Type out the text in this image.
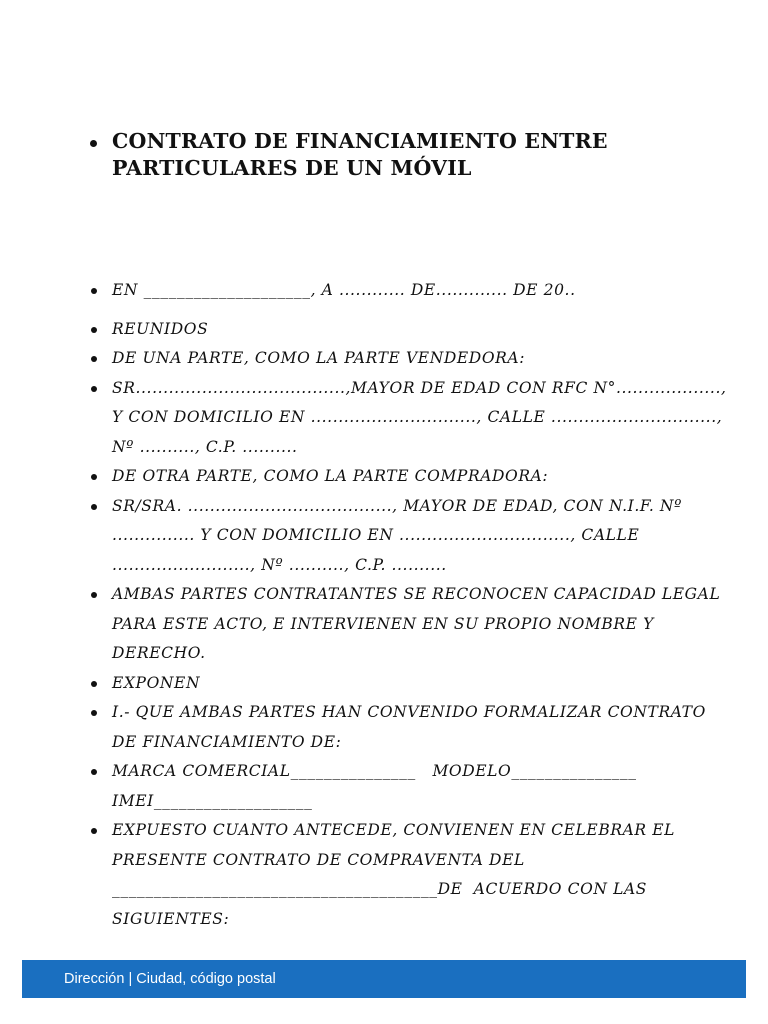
CONTRATO DE FINANCIAMIENTO ENTRE PARTICULARES DE UN MÓVIL
EN ____________________, A ............ DE............. DE 20..
REUNIDOS
DE UNA PARTE, COMO LA PARTE VENDEDORA:
SR......................................,MAYOR DE EDAD CON RFC N°..................., Y CON DOMICILIO EN .............................., CALLE .............................., Nº .........., C.P. ..........
DE OTRA PARTE, COMO LA PARTE COMPRADORA:
SR/SRA. ....................................., MAYOR DE EDAD, CON N.I.F. Nº ............... Y CON DOMICILIO EN ..............................., CALLE ........................., Nº .........., C.P. ..........
AMBAS PARTES CONTRATANTES SE RECONOCEN CAPACIDAD LEGAL PARA ESTE ACTO, E INTERVIENEN EN SU PROPIO NOMBRE Y DERECHO.
EXPONEN
I.- QUE AMBAS PARTES HAN CONVENIDO FORMALIZAR CONTRATO DE FINANCIAMIENTO DE:
MARCA COMERCIAL_______________   MODELO_______________ IMEI___________________
EXPUESTO CUANTO ANTECEDE, CONVIENEN EN CELEBRAR EL PRESENTE CONTRATO DE COMPRAVENTA DEL _______________________________________DE  ACUERDO CON LAS SIGUIENTES:
Dirección | Ciudad, código postal
